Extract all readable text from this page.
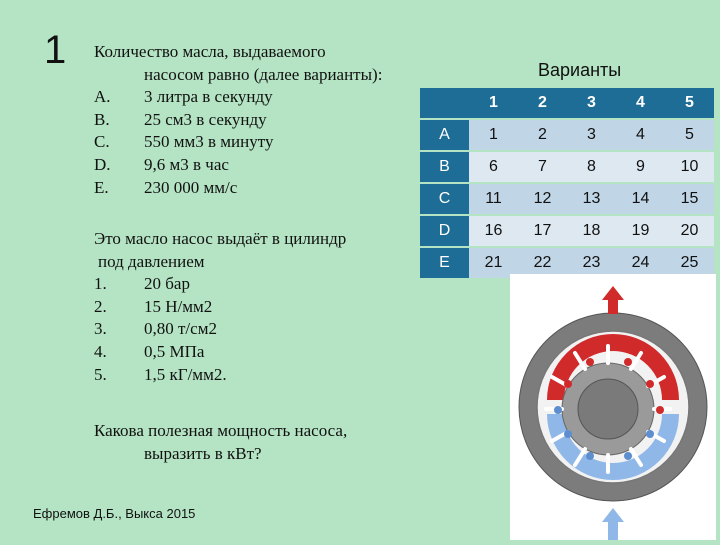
1 Количество масла, выдаваемого
насосом равно (далее варианты):
A.	3 литра в секунду
B.	25 см3 в секунду
C.	550 мм3 в минуту
D.	9,6 м3 в час
E.	230 000 мм/с
Это масло насос выдаёт в цилиндр
под давлением
1.	20 бар
2.	15 Н/мм2
3.	0,80 т/см2
4.	0,5 МПа
5.	1,5 кГ/мм2.
Какова полезная мощность насоса,
выразить в кВт?
Варианты
	1	2	3	4	5
A	1	2	3	4	5
B	6	7	8	9	10
C	11	12	13	14	15
D	16	17	18	19	20
E	21	22	23	24	25
Ефремов Д.Б., Выкса 2015
